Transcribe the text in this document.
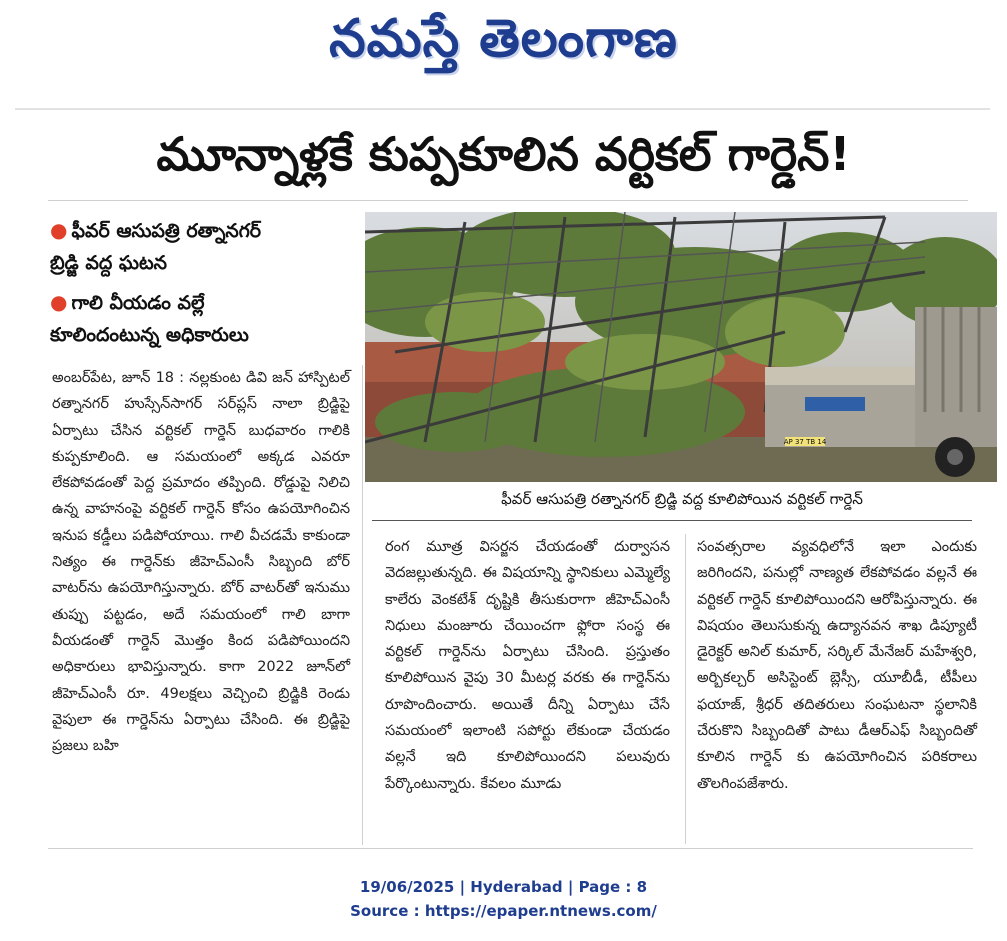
నమస్తే తెలంగాణ
మూన్నాళ్లకే కుప్పకూలిన వర్టికల్ గార్డెన్!
● ఫీవర్ ఆసుపత్రి రత్నానగర్
బ్రిడ్జి వద్ద ఘటన
● గాలి వీయడం వల్లే
కూలిందంటున్న అధికారులు
AP 37 TB 14
ఫీవర్ ఆసుపత్రి రత్నానగర్ బ్రిడ్జి వద్ద కూలిపోయిన వర్టికల్ గార్డెన్

అంబర్‌పేట, జూన్ 18 : నల్లకుంట డివి జన్ హాస్పిటల్ రత్నానగర్ హుస్సేన్‌సాగర్ సర్‌ప్లస్ నాలా బ్రిడ్జిపై ఏర్పాటు చేసిన వర్టికల్ గార్డెన్ బుధవారం గాలికి కుప్పకూలింది. ఆ సమయంలో అక్కడ ఎవరూ లేకపోవడంతో పెద్ద ప్రమాదం తప్పింది. రోడ్డుపై నిలిచి ఉన్న వాహనంపై వర్టికల్ గార్డెన్ కోసం ఉపయోగించిన ఇనుప కడ్డీలు పడిపోయాయి. గాలి వీచడమే కాకుండా నిత్యం ఈ గార్డెన్‌కు జీహెచ్‌ఎంసీ సిబ్బంది బోర్ వాటర్‌ను ఉపయోగిస్తున్నారు. బోర్ వాటర్‌తో ఇనుము తుప్పు పట్టడం, అదే సమయంలో గాలి బాగా వీయడంతో గార్డెన్ మొత్తం కింద పడిపోయిందని అధికారులు భావిస్తున్నారు. కాగా 2022 జూన్‌లో జీహెచ్‌ఎంసీ రూ. 49లక్షలు వెచ్చించి బ్రిడ్జికి రెండు వైపులా ఈ గార్డెన్‌ను ఏర్పాటు చేసింది. ఈ బ్రిడ్జిపై ప్రజలు బహి

రంగ మూత్ర విసర్జన చేయడంతో దుర్వాసన వెదజల్లుతున్నది. ఈ విషయాన్ని స్థానికులు ఎమ్మెల్యే కాలేరు వెంకటేశ్ దృష్టికి తీసుకురాగా జీహెచ్‌ఎంసీ నిధులు మంజూరు చేయించగా ఫ్లోరా సంస్థ ఈ వర్టికల్ గార్డెన్‌ను ఏర్పాటు చేసింది. ప్రస్తుతం కూలిపోయిన వైపు 30 మీటర్ల వరకు ఈ గార్డెన్‌ను రూపొందించారు. అయితే దీన్ని ఏర్పాటు చేసే సమయంలో ఇలాంటి సపోర్టు లేకుండా చేయడం వల్లనే ఇది కూలిపోయిందని పలువురు పేర్కొంటున్నారు. కేవలం మూడు

సంవత్సరాల వ్యవధిలోనే ఇలా ఎందుకు జరిగిందని, పనుల్లో నాణ్యత లేకపోవడం వల్లనే ఈ వర్టికల్ గార్డెన్ కూలిపోయిందని ఆరోపిస్తున్నారు. ఈ విషయం తెలుసుకున్న ఉద్యానవన శాఖ డిప్యూటీ డైరెక్టర్ అనిల్ కుమార్, సర్కిల్ మేనేజర్ మహేశ్వరి, అర్బికల్చర్ అసిస్టెంట్ బ్లెస్సీ, యూబీడీ, టీపీలు ఫయాజ్, శ్రీధర్ తదితరులు సంఘటనా స్థలానికి చేరుకొని సిబ్బందితో పాటు డీఆర్‌ఎఫ్ సిబ్బందితో కూలిన గార్డెన్ కు ఉపయోగించిన పరికరాలు తొలగింపజేశారు.

19/06/2025 | Hyderabad | Page : 8
Source : https://epaper.ntnews.com/
